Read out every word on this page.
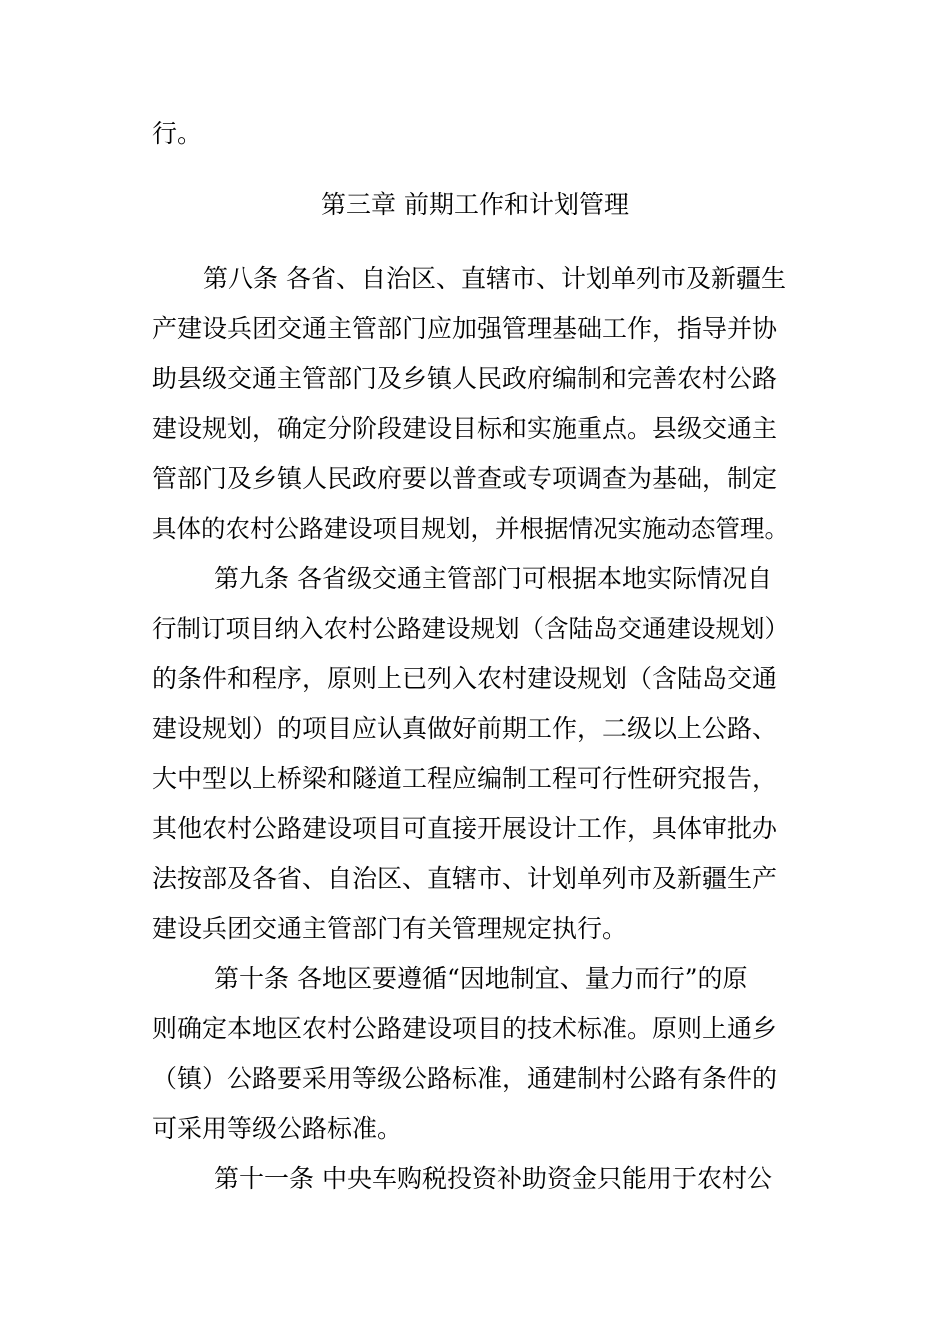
行。
第三章 前期工作和计划管理
第八条 各省、自治区、直辖市、计划单列市及新疆生
产建设兵团交通主管部门应加强管理基础工作，指导并协
助县级交通主管部门及乡镇人民政府编制和完善农村公路
建设规划，确定分阶段建设目标和实施重点。县级交通主
管部门及乡镇人民政府要以普查或专项调查为基础，制定
具体的农村公路建设项目规划，并根据情况实施动态管理。
第九条 各省级交通主管部门可根据本地实际情况自
行制订项目纳入农村公路建设规划（含陆岛交通建设规划）
的条件和程序，原则上已列入农村建设规划（含陆岛交通
建设规划）的项目应认真做好前期工作，二级以上公路、
大中型以上桥梁和隧道工程应编制工程可行性研究报告，
其他农村公路建设项目可直接开展设计工作，具体审批办
法按部及各省、自治区、直辖市、计划单列市及新疆生产
建设兵团交通主管部门有关管理规定执行。
第十条 各地区要遵循“因地制宜、量力而行”的原
则确定本地区农村公路建设项目的技术标准。原则上通乡
（镇）公路要采用等级公路标准，通建制村公路有条件的
可采用等级公路标准。
第十一条 中央车购税投资补助资金只能用于农村公
